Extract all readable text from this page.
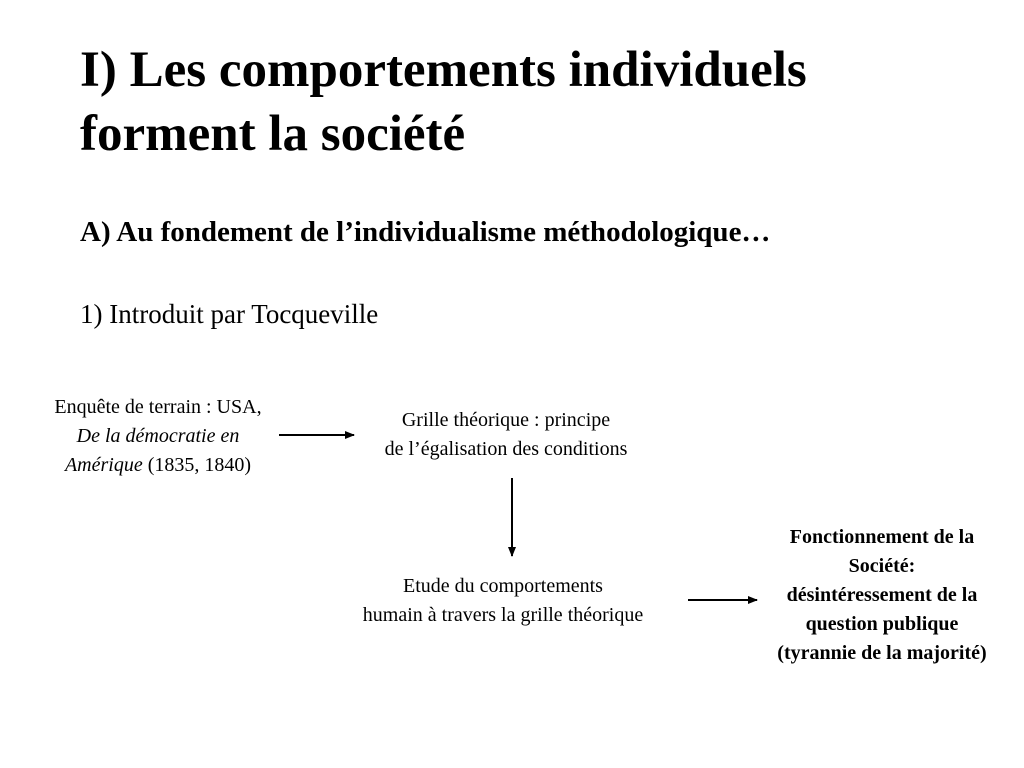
I) Les comportements individuels
forment la société
A) Au fondement de l’individualisme méthodologique…

1) Introduit par Tocqueville

Enquête de terrain : USA,
De la démocratie en
Amérique (1835, 1840)
Grille théorique : principe
de l’égalisation des conditions
Etude du comportements
humain à travers la grille théorique
Fonctionnement de la
Société:
désintéressement de la
question publique
(tyrannie de la majorité)
